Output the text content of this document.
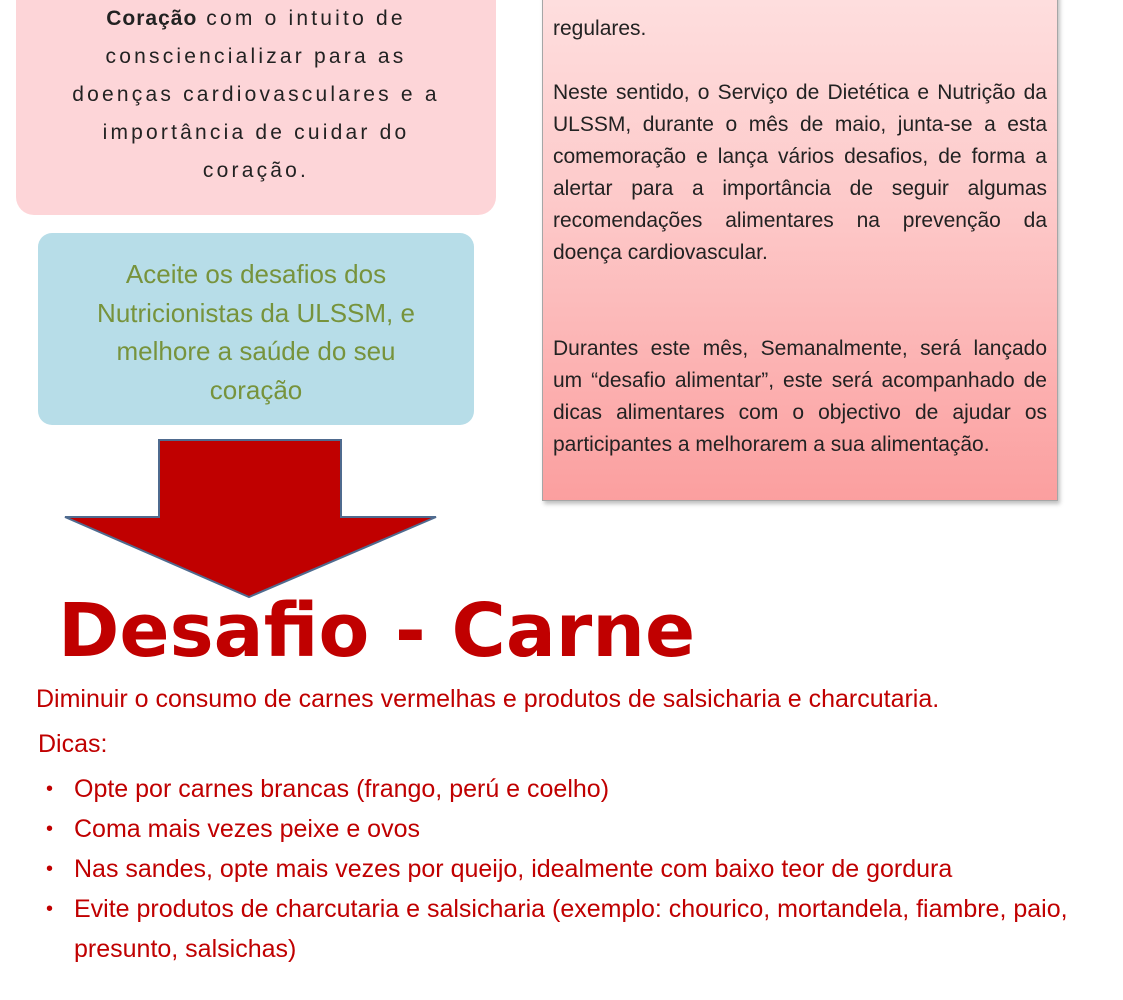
Coração com o intuito de
consciencializar para as
doenças cardiovasculares e a
importância de cuidar do
coração.
Aceite os desafios dos
Nutricionistas da ULSSM, e
melhore a saúde do seu
coração
regulares.
Neste sentido, o Serviço de Dietética e Nutrição da ULSSM, durante o mês de maio, junta-se a esta comemoração e lança vários desafios, de forma a alertar para a importância de seguir algumas recomendações alimentares na prevenção da doença cardiovascular.
Durantes este mês, Semanalmente, será lançado um “desafio alimentar”, este será acompanhado de dicas alimentares com o objectivo de ajudar os participantes a melhorarem a sua alimentação.
Desafio - Carne
Diminuir o consumo de carnes vermelhas e produtos de salsicharia e charcutaria.
Dicas:
• Opte por carnes brancas (frango, perú e coelho)
• Coma mais vezes peixe e ovos
• Nas sandes, opte mais vezes por queijo, idealmente com baixo teor de gordura
• Evite produtos de charcutaria e salsicharia (exemplo: chourico, mortandela, fiambre, paio, presunto, salsichas)
